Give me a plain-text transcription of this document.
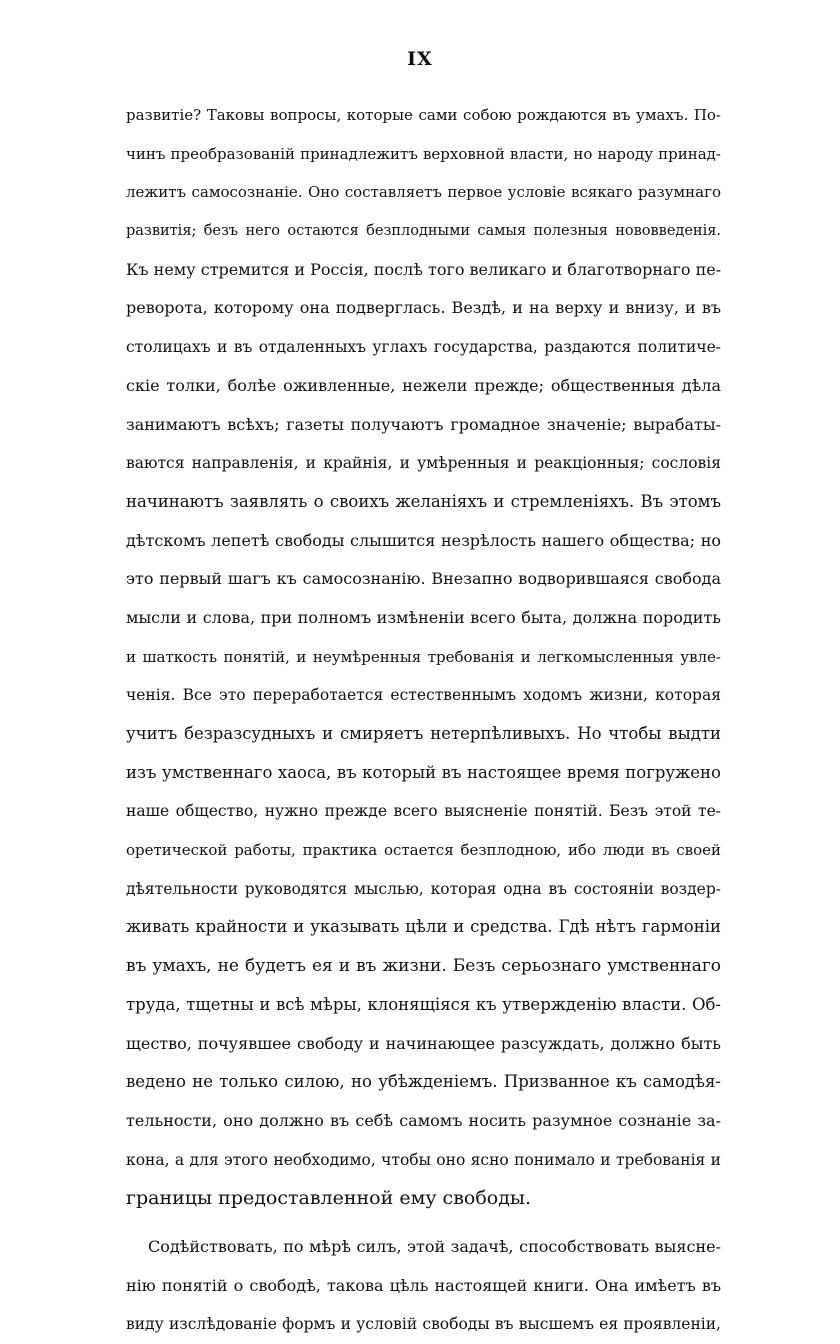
IX
развитіе? Таковы вопросы, которые сами собою рождаются въ умахъ. По-
чинъ преобразованій принадлежитъ верховной власти, но народу принад-
лежитъ самосознаніе. Оно составляетъ первое условіе всякаго разумнаго
развитія; безъ него остаются безплодными самыя полезныя нововведенія.
Къ нему стремится и Россія, послѣ того великаго и благотворнаго пе-
реворота, которому она подверглась. Вездѣ, и на верху и внизу, и въ
столицахъ и въ отдаленныхъ углахъ государства, раздаются политиче-
скіе толки, болѣе оживленные, нежели прежде; общественныя дѣла
занимаютъ всѣхъ; газеты получаютъ громадное значеніе; вырабаты-
ваются направленія, и крайнія, и умѣренныя и реакціонныя; сословія
начинаютъ заявлять о своихъ желаніяхъ и стремленіяхъ. Въ этомъ
дѣтскомъ лепетѣ свободы слышится незрѣлость нашего общества; но
это первый шагъ къ самосознанію. Внезапно водворившаяся свобода
мысли и слова, при полномъ измѣненіи всего быта, должна породить
и шаткость понятій, и неумѣренныя требованія и легкомысленныя увле-
ченія. Все это переработается естественнымъ ходомъ жизни, которая
учитъ безразсудныхъ и смиряетъ нетерпѣливыхъ. Но чтобы выдти
изъ умственнаго хаоса, въ который въ настоящее время погружено
наше общество, нужно прежде всего выясненіе понятій. Безъ этой те-
оретической работы, практика остается безплодною, ибо люди въ своей
дѣятельности руководятся мыслью, которая одна въ состояніи воздер-
живать крайности и указывать цѣли и средства. Гдѣ нѣтъ гармоніи
въ умахъ, не будетъ ея и въ жизни. Безъ серьознаго умственнаго
труда, тщетны и всѣ мѣры, клонящіяся къ утвержденію власти. Об-
щество, почуявшее свободу и начинающее разсуждать, должно быть
ведено не только силою, но убѣжденіемъ. Призванное къ самодѣя-
тельности, оно должно въ себѣ самомъ носить разумное сознаніе за-
кона, а для этого необходимо, чтобы оно ясно понимало и требованія и
границы предоставленной ему свободы.
Содѣйствовать, по мѣрѣ силъ, этой задачѣ, способствовать выясне-
нію понятій о свободѣ, такова цѣль настоящей книги. Она имѣетъ въ
виду изслѣдованіе формъ и условій свободы въ высшемъ ея проявленіи,
